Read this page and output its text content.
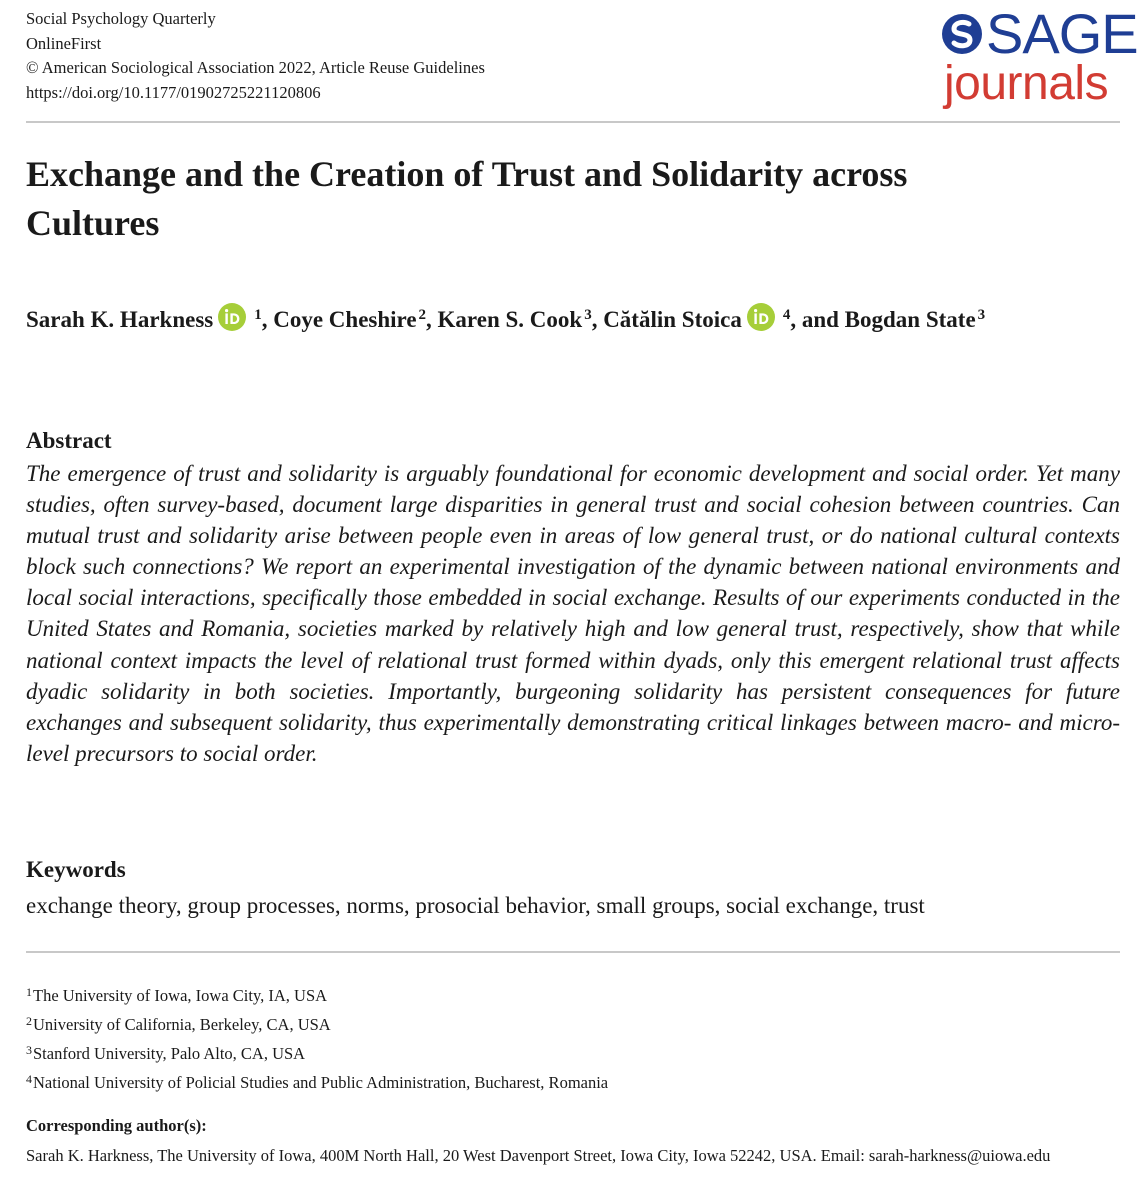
Social Psychology Quarterly
OnlineFirst
© American Sociological Association 2022, Article Reuse Guidelines
https://doi.org/10.1177/01902725221120806
SAGE
journals
Exchange and the Creation of Trust and Solidarity across Cultures
Sarah K. Harkness	$^1$, Coye Cheshire $^2$, Karen S. Cook $^3$, Cătălin Stoica	$^4$, and Bogdan State $^3$
Abstract
The emergence of trust and solidarity is arguably foundational for economic development and social order. Yet many studies, often survey-based, document large disparities in general trust and social cohesion between countries. Can mutual trust and solidarity arise between people even in areas of low general trust, or do national cultural contexts block such connections? We report an experimental investigation of the dynamic between national environments and local social interactions, specifically those embedded in social exchange. Results of our experiments conducted in the United States and Romania, societies marked by relatively high and low general trust, respectively, show that while national context impacts the level of relational trust formed within dyads, only this emergent relational trust affects dyadic solidarity in both societies. Importantly, burgeoning solidarity has persistent consequences for future exchanges and subsequent solidarity, thus experimentally demonstrating critical linkages between macro- and micro-level precursors to social order.
Keywords
exchange theory, group processes, norms, prosocial behavior, small groups, social exchange, trust
$^1$The University of Iowa, Iowa City, IA, USA
$^2$University of California, Berkeley, CA, USA
$^3$Stanford University, Palo Alto, CA, USA
$^4$National University of Policial Studies and Public Administration, Bucharest, Romania
Corresponding author(s):
Sarah K. Harkness, The University of Iowa, 400M North Hall, 20 West Davenport Street, Iowa City, Iowa 52242, USA. Email: sarah-harkness@uiowa.edu
